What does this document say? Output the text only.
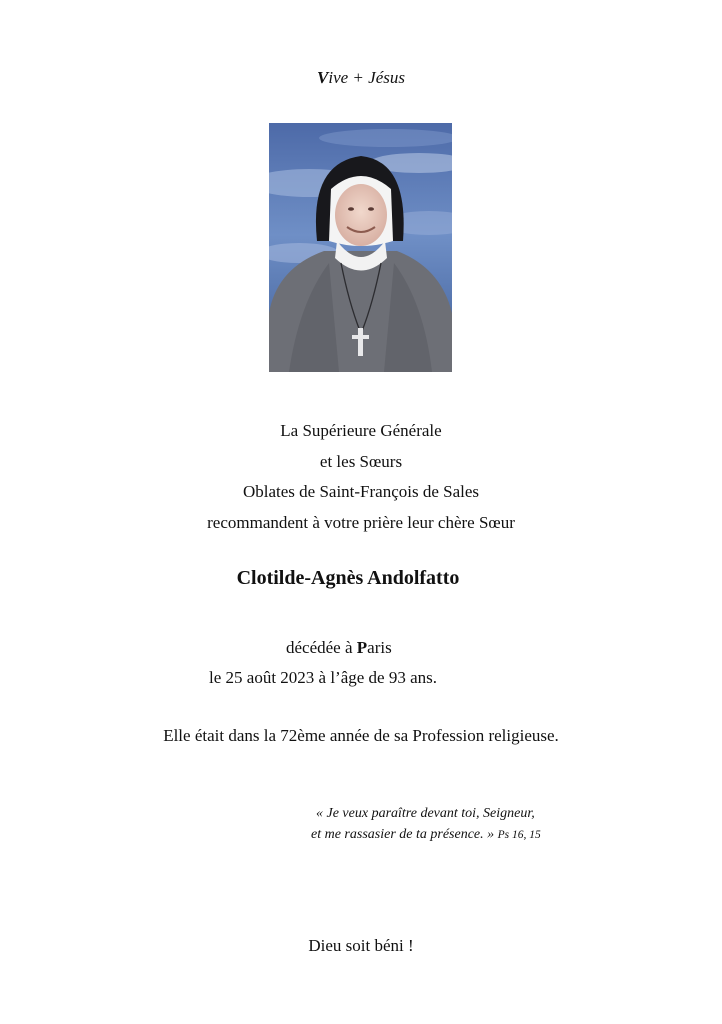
Vive + Jésus
La Supérieure Générale
et les Sœurs
Oblates de Saint-François de Sales
recommandent à votre prière leur chère Sœur
Clotilde-Agnès Andolfatto
décédée à Paris
le 25 août 2023 à l’âge de 93 ans.
Elle était dans la 72ème année de sa Profession religieuse.
« Je veux paraître devant toi, Seigneur,
et me rassasier de ta présence. » Ps 16, 15
Dieu soit béni !
